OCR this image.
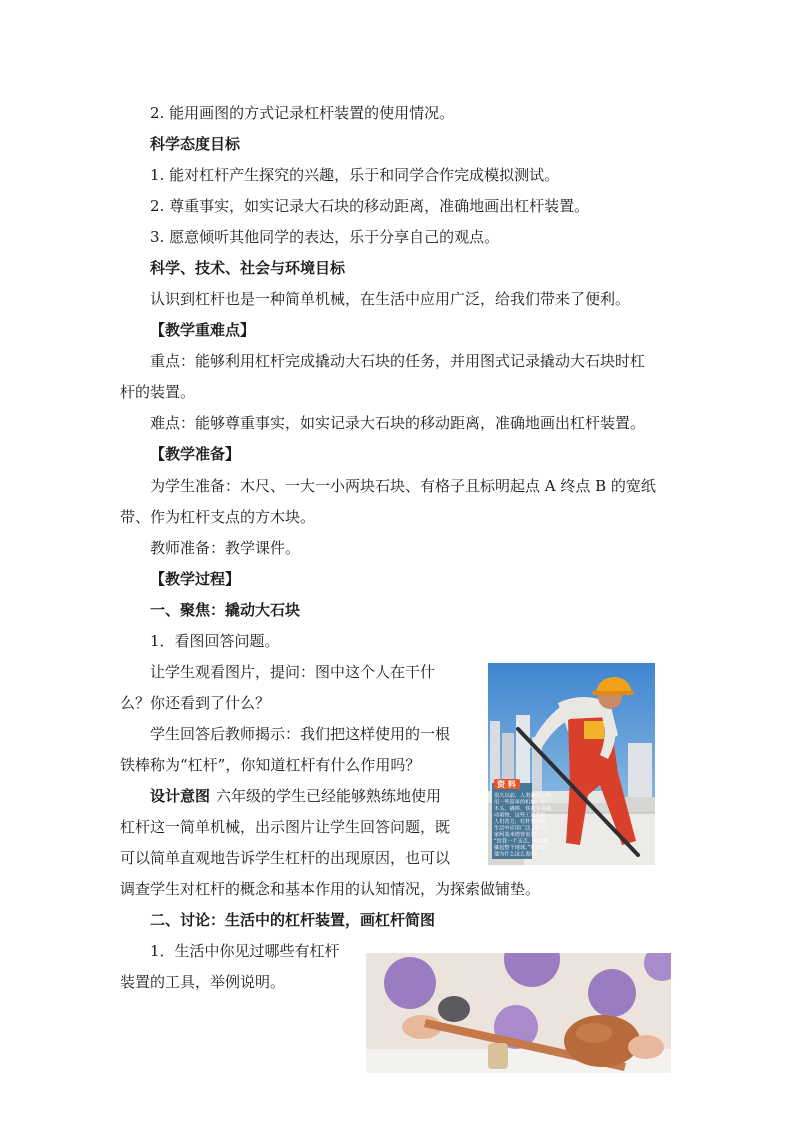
2. 能用画图的方式记录杠杆装置的使用情况。
科学态度目标
1. 能对杠杆产生探究的兴趣，乐于和同学合作完成模拟测试。
2. 尊重事实，如实记录大石块的移动距离，准确地画出杠杆装置。
3. 愿意倾听其他同学的表达，乐于分享自己的观点。
科学、技术、社会与环境目标
认识到杠杆也是一种简单机械，在生活中应用广泛，给我们带来了便利。
【教学重难点】
重点：能够利用杠杆完成撬动大石块的任务，并用图式记录撬动大石块时杠
杆的装置。
难点：能够尊重事实，如实记录大石块的移动距离，准确地画出杠杆装置。
【教学准备】
为学生准备：木尺、一大一小两块石块、有格子且标明起点 A 终点 B 的宽纸
带、作为杠杆支点的方木块。
教师准备：教学课件。
【教学过程】
一、聚焦：撬动大石块
1．看图回答问题。
让学生观看图片，提问：图中这个人在干什
么？你还看到了什么？
学生回答后教师揭示：我们把这样使用的一根
铁棒称为“杠杆”，你知道杠杆有什么作用吗？
设计意图 六年级的学生已经能够熟练地使用
杠杆这一简单机械，出示图片让学生回答问题，既
可以简单直观地告诉学生杠杆的出现原因，也可以
调查学生对杠杆的概念和基本作用的认知情况，为探索做铺垫。
二、讨论：生活中的杠杆装置，画杠杆简图
1．生活中你见过哪些有杠杆
装置的工具，举例说明。
资 料
很久以前，人类就学会利
用一些简单的机械，如
木头、撬棒、铁锹等来撬
动重物，这些工具帮助
人们省力，杠杆原理在
生活中应用广泛，科学
家阿基米德曾说过：
“给我一个支点，我就能
撬起整个地球。”你知道
他为什么这么说吗？
